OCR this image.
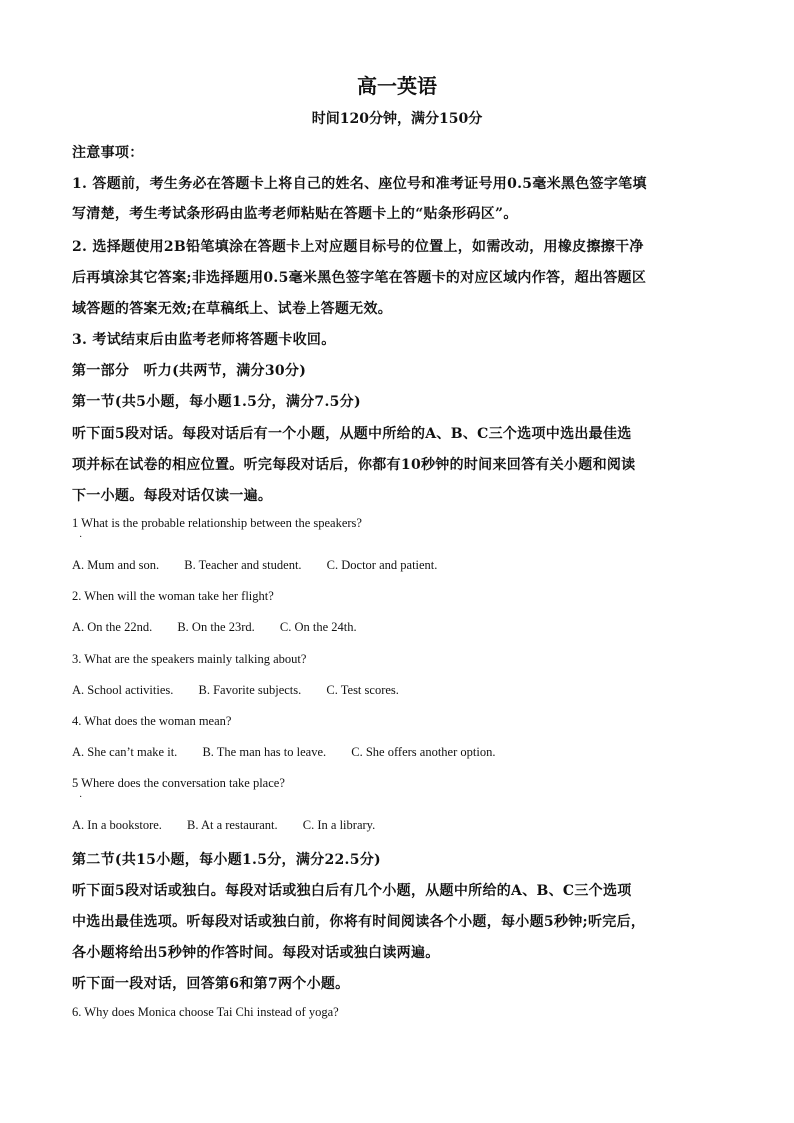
高一英语
时间120分钟，满分150分
注意事项：
1. 答题前，考生务必在答题卡上将自己的姓名、座位号和准考证号用0.5毫米黑色签字笔填
写清楚，考生考试条形码由监考老师粘贴在答题卡上的“贴条形码区”。
2. 选择题使用2B铅笔填涂在答题卡上对应题目标号的位置上，如需改动，用橡皮擦擦干净
后再填涂其它答案;非选择题用0.5毫米黑色签字笔在答题卡的对应区域内作答，超出答题区
域答题的答案无效;在草稿纸上、试卷上答题无效。
3. 考试结束后由监考老师将答题卡收回。
第一部分　听力(共两节，满分30分)
第一节(共5小题，每小题1.5分，满分7.5分)
听下面5段对话。每段对话后有一个小题，从题中所给的A、B、C三个选项中选出最佳选
项并标在试卷的相应位置。听完每段对话后，你都有10秒钟的时间来回答有关小题和阅读
下一小题。每段对话仅读一遍。
1 What is the probable relationship between the speakers?
·
A. Mum and son. B. Teacher and student. C. Doctor and patient.
2. When will the woman take her flight?
A. On the 22nd. B. On the 23rd. C. On the 24th.
3. What are the speakers mainly talking about?
A. School activities. B. Favorite subjects. C. Test scores.
4. What does the woman mean?
A. She can’t make it. B. The man has to leave. C. She offers another option.
5 Where does the conversation take place?
·
A. In a bookstore. B. At a restaurant. C. In a library.
第二节(共15小题，每小题1.5分，满分22.5分)
听下面5段对话或独白。每段对话或独白后有几个小题，从题中所给的A、B、C三个选项
中选出最佳选项。听每段对话或独白前，你将有时间阅读各个小题，每小题5秒钟;听完后，
各小题将给出5秒钟的作答时间。每段对话或独白读两遍。
听下面一段对话，回答第6和第7两个小题。
6. Why does Monica choose Tai Chi instead of yoga?
